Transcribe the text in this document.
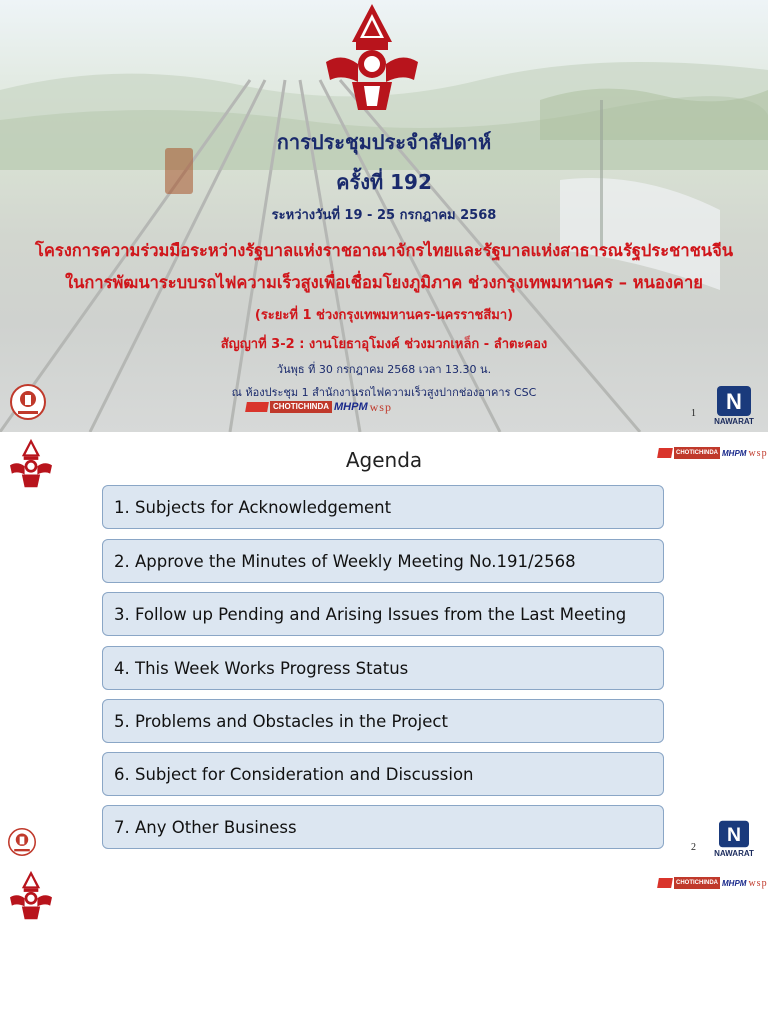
การประชุมประจำสัปดาห์
ครั้งที่ 192
ระหว่างวันที่ 19 - 25 กรกฎาคม 2568
โครงการความร่วมมือระหว่างรัฐบาลแห่งราชอาณาจักรไทยและรัฐบาลแห่งสาธารณรัฐประชาชนจีน
ในการพัฒนาระบบรถไฟความเร็วสูงเพื่อเชื่อมโยงภูมิภาค ช่วงกรุงเทพมหานคร – หนองคาย
(ระยะที่ 1 ช่วงกรุงเทพมหานคร-นครราชสีมา)
สัญญาที่ 3-2 : งานโยธาอุโมงค์ ช่วงมวกเหล็ก - ลำตะคอง
วันพุธ ที่ 30 กรกฎาคม 2568 เวลา 13.30 น.
ณ ห้องประชุม 1 สำนักงานรถไฟความเร็วสูงปากช่องอาคาร CSC
CHOTICHINDA MHPM wsp	1 N
NAWARAT
CHOTICHINDA MHPM wsp
Agenda
1. Subjects for Acknowledgement
2. Approve the Minutes of Weekly Meeting No.191/2568
3. Follow up Pending and Arising Issues from the Last Meeting
4. This Week Works Progress Status
5. Problems and Obstacles in the Project
6. Subject for Consideration and Discussion
7. Any Other Business
2
N
NAWARAT
CHOTICHINDA MHPM wsp
